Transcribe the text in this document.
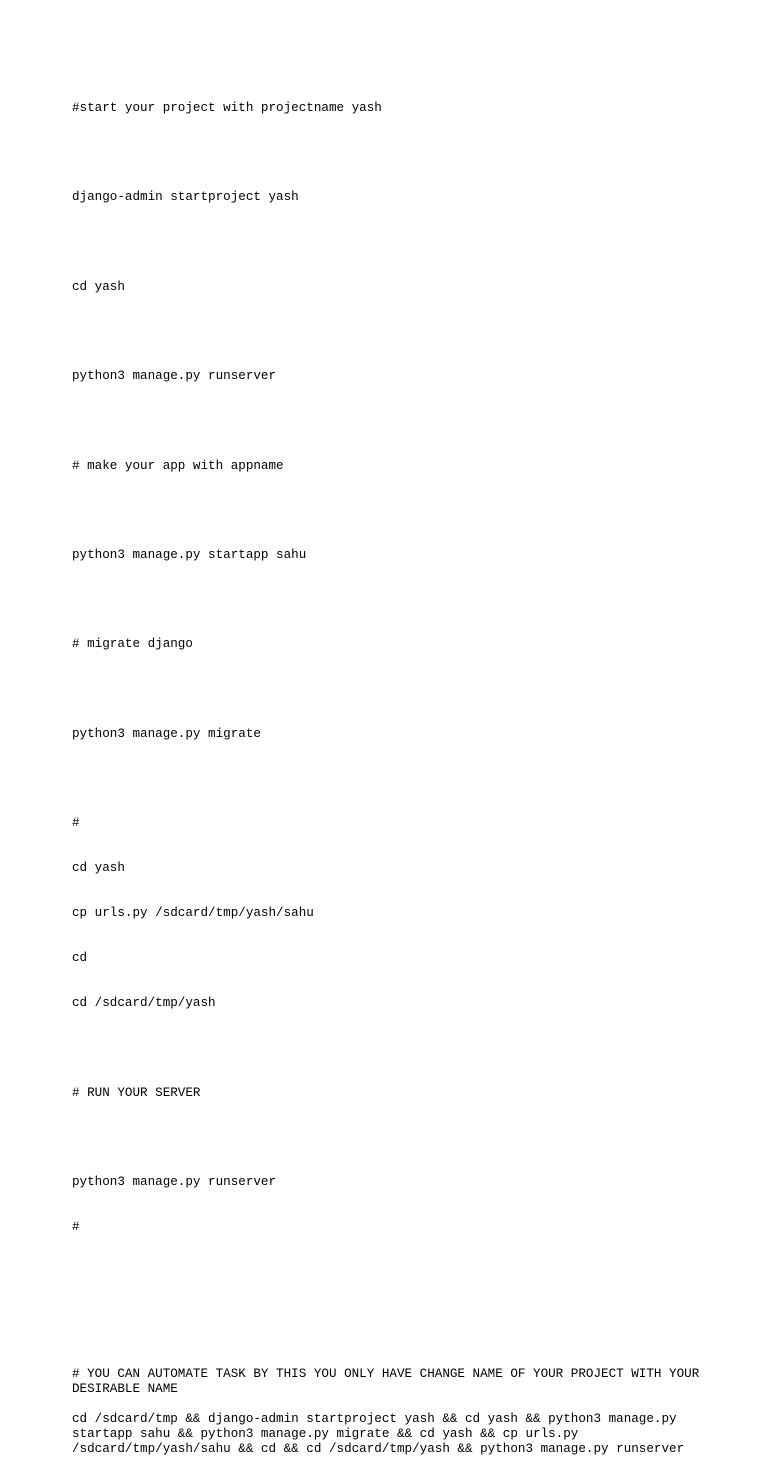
#start your project with projectname yash

django-admin startproject yash

cd yash

python3 manage.py runserver

# make your app with appname

python3 manage.py startapp sahu

# migrate django

python3 manage.py migrate

#

cd yash

cp urls.py /sdcard/tmp/yash/sahu

cd

cd /sdcard/tmp/yash

# RUN YOUR SERVER

python3 manage.py runserver

#

# YOU CAN AUTOMATE TASK BY THIS YOU ONLY HAVE CHANGE NAME OF YOUR PROJECT WITH YOUR DESIRABLE NAME
cd /sdcard/tmp && django-admin startproject yash && cd yash && python3 manage.py startapp sahu && python3 manage.py migrate && cd yash && cp urls.py /sdcard/tmp/yash/sahu && cd && cd /sdcard/tmp/yash && python3 manage.py runserver
